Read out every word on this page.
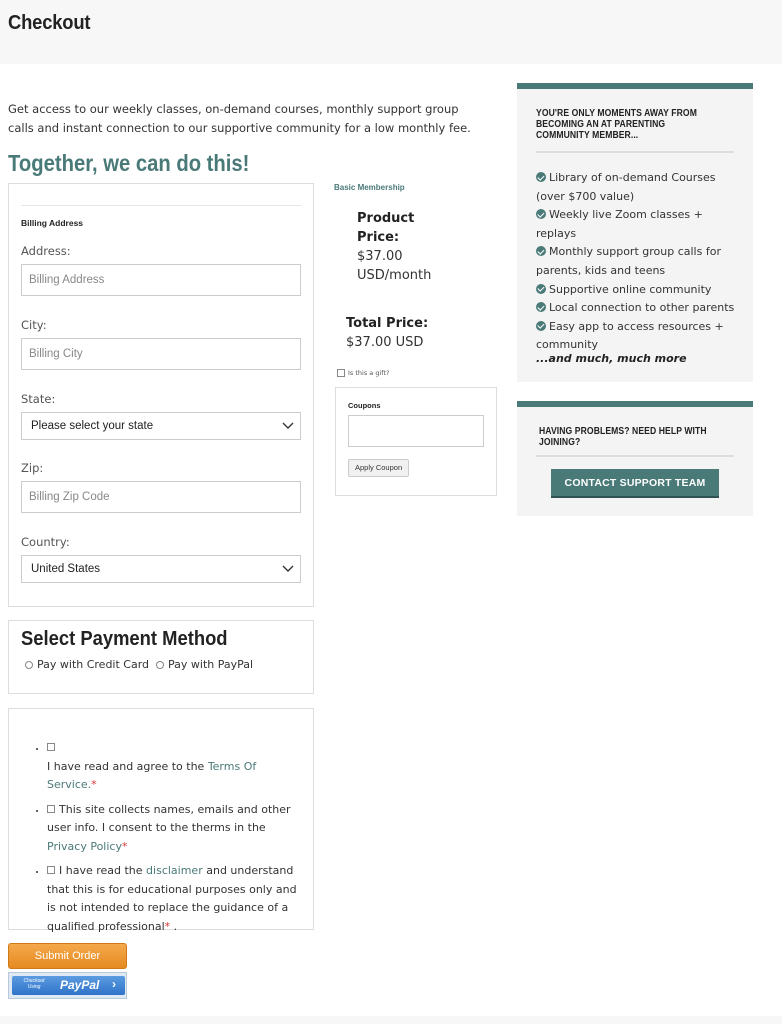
Checkout

Get access to our weekly classes, on-demand courses, monthly support group calls and instant connection to our supportive community for a low monthly fee.

Together, we can do this!
Billing Address
Address:
Billing Address
City:
Billing City
State:
Please select your state
Zip:
Billing Zip Code
Country:
United States
Basic Membership
Product Price:
$37.00 USD/month
Total Price:
$37.00 USD
Is this a gift?
Coupons
Apply Coupon
YOU'RE ONLY MOMENTS AWAY FROM BECOMING AN AT PARENTING COMMUNITY MEMBER...
Library of on-demand Courses (over $700 value)
Weekly live Zoom classes + replays
Monthly support group calls for parents, kids and teens
Supportive online community
Local connection to other parents
Easy app to access resources + community
...and much, much more
HAVING PROBLEMS? NEED HELP WITH JOINING?
CONTACT SUPPORT TEAM
Select Payment Method
Pay with Credit Card Pay with PayPal

• I have read and agree to the Terms Of Service.*
• This site collects names, emails and other user info. I consent to the therms in the Privacy Policy*
• I have read the disclaimer and understand that this is for educational purposes only and is not intended to replace the guidance of a qualified professional* .
Submit Order
Checkout Using	PayPal ›
